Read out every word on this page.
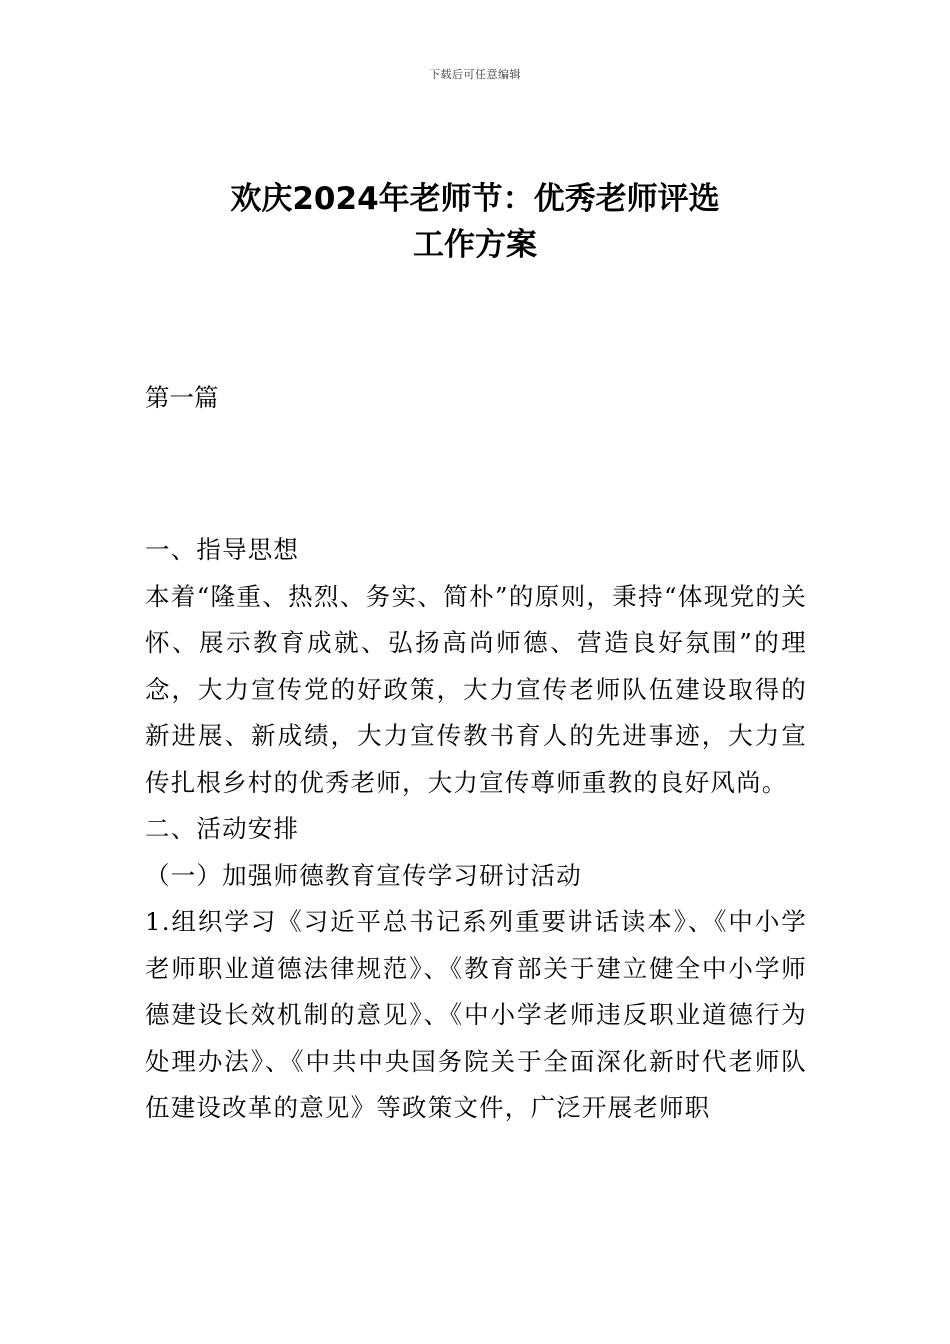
下载后可任意编辑
欢庆2024年老师节：优秀老师评选
工作方案
第一篇

一、指导思想

本着“隆重、热烈、务实、简朴”的原则，秉持“体现党的关怀、展示教育成就、弘扬高尚师德、营造良好氛围”的理念，大力宣传党的好政策，大力宣传老师队伍建设取得的新进展、新成绩，大力宣传教书育人的先进事迹，大力宣传扎根乡村的优秀老师，大力宣传尊师重教的良好风尚。

二、活动安排

（一）加强师德教育宣传学习研讨活动

1.组织学习《习近平总书记系列重要讲话读本》、《中小学老师职业道德法律规范》、《教育部关于建立健全中小学师德建设长效机制的意见》、《中小学老师违反职业道德行为处理办法》、《中共中央国务院关于全面深化新时代老师队伍建设改革的意见》等政策文件，广泛开展老师职
